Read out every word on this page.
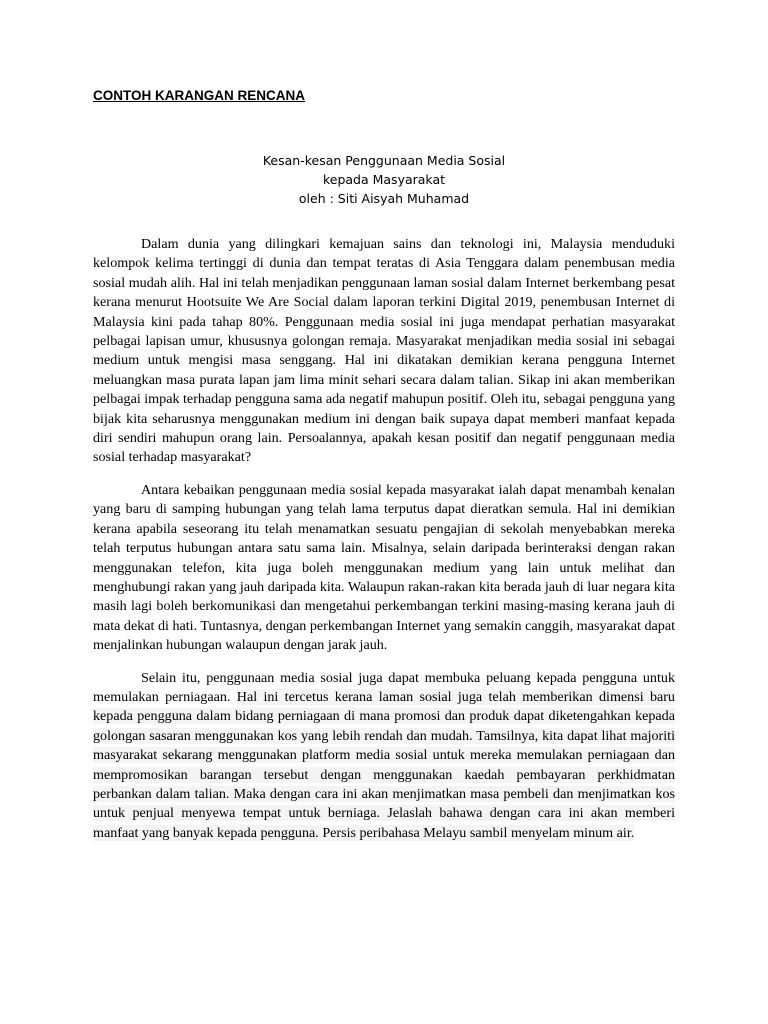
CONTOH KARANGAN RENCANA
Kesan-kesan Penggunaan Media Sosial
kepada Masyarakat
oleh : Siti Aisyah Muhamad

Dalam dunia yang dilingkari kemajuan sains dan teknologi ini, Malaysia menduduki kelompok kelima tertinggi di dunia dan tempat teratas di Asia Tenggara dalam penembusan media sosial mudah alih. Hal ini telah menjadikan penggunaan laman sosial dalam Internet berkembang pesat kerana menurut Hootsuite We Are Social dalam laporan terkini Digital 2019, penembusan Internet di Malaysia kini pada tahap 80%. Penggunaan media sosial ini juga mendapat perhatian masyarakat pelbagai lapisan umur, khususnya golongan remaja. Masyarakat menjadikan media sosial ini sebagai medium untuk mengisi masa senggang. Hal ini dikatakan demikian kerana pengguna Internet meluangkan masa purata lapan jam lima minit sehari secara dalam talian. Sikap ini akan memberikan pelbagai impak terhadap pengguna sama ada negatif mahupun positif. Oleh itu, sebagai pengguna yang bijak kita seharusnya menggunakan medium ini dengan baik supaya dapat memberi manfaat kepada diri sendiri mahupun orang lain. Persoalannya, apakah kesan positif dan negatif penggunaan media sosial terhadap masyarakat?

Antara kebaikan penggunaan media sosial kepada masyarakat ialah dapat menambah kenalan yang baru di samping hubungan yang telah lama terputus dapat dieratkan semula. Hal ini demikian kerana apabila seseorang itu telah menamatkan sesuatu pengajian di sekolah menyebabkan mereka telah terputus hubungan antara satu sama lain. Misalnya, selain daripada berinteraksi dengan rakan menggunakan telefon, kita juga boleh menggunakan medium yang lain untuk melihat dan menghubungi rakan yang jauh daripada kita. Walaupun rakan-rakan kita berada jauh di luar negara kita masih lagi boleh berkomunikasi dan mengetahui perkembangan terkini masing-masing kerana jauh di mata dekat di hati. Tuntasnya, dengan perkembangan Internet yang semakin canggih, masyarakat dapat menjalinkan hubungan walaupun dengan jarak jauh.

Selain itu, penggunaan media sosial juga dapat membuka peluang kepada pengguna untuk memulakan perniagaan. Hal ini tercetus kerana laman sosial juga telah memberikan dimensi baru kepada pengguna dalam bidang perniagaan di mana promosi dan produk dapat diketengahkan kepada golongan sasaran menggunakan kos yang lebih rendah dan mudah. Tamsilnya, kita dapat lihat majoriti masyarakat sekarang menggunakan platform media sosial untuk mereka memulakan perniagaan dan mempromosikan barangan tersebut dengan menggunakan kaedah pembayaran perkhidmatan perbankan dalam talian. Maka dengan cara ini akan menjimatkan masa pembeli dan menjimatkan kos untuk penjual menyewa tempat untuk berniaga. Jelaslah bahawa dengan cara ini akan memberi manfaat yang banyak kepada pengguna. Persis peribahasa Melayu sambil menyelam minum air.
